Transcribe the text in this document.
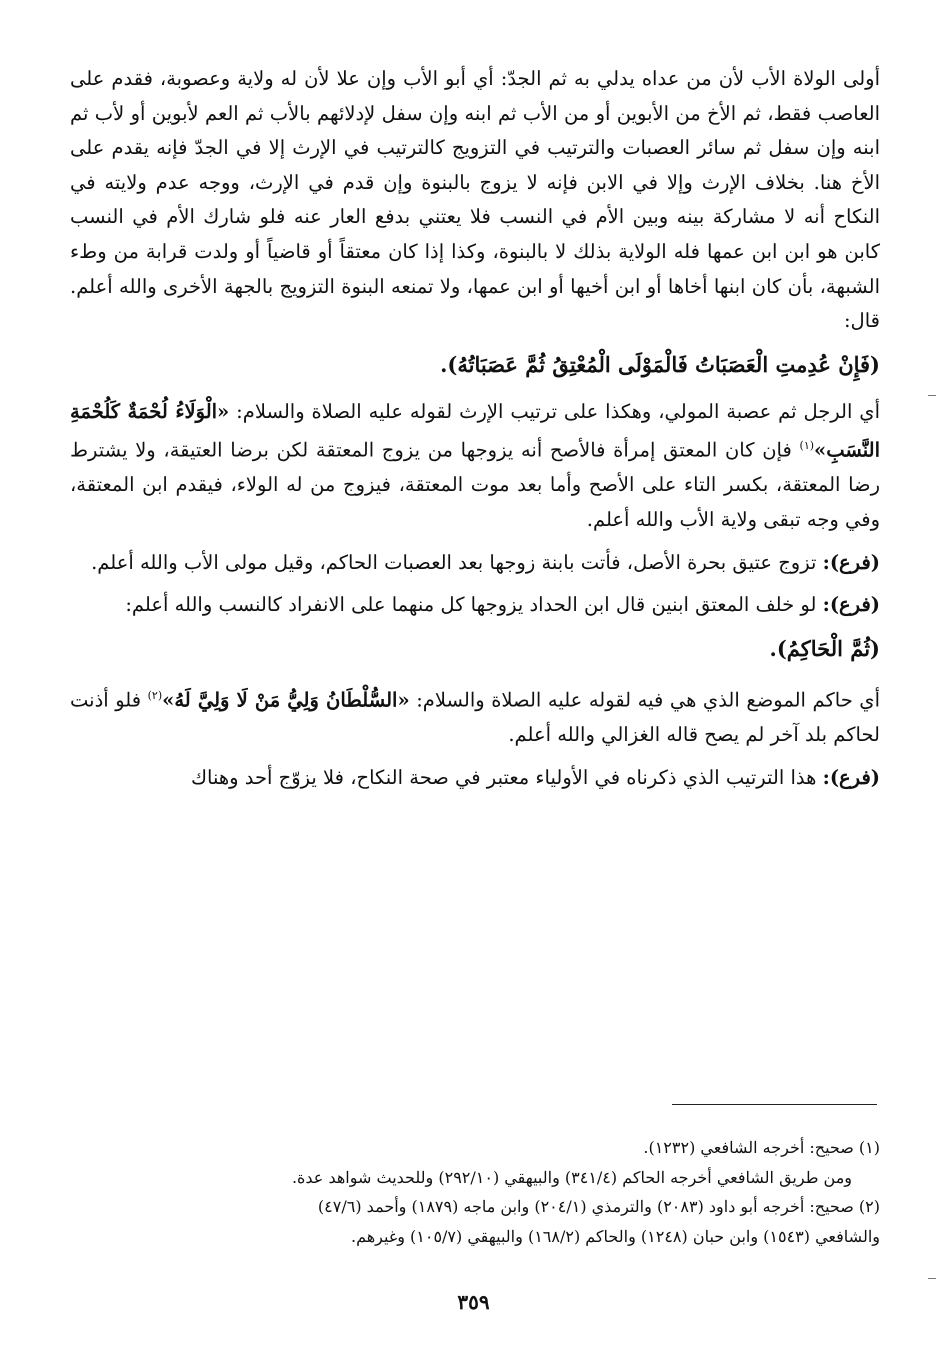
أولى الولاة الأب لأن من عداه يدلي به ثم الجدّ: أي أبو الأب وإن علا لأن له ولاية وعصوبة، فقدم على العاصب فقط، ثم الأخ من الأبوين أو من الأب ثم ابنه وإن سفل لإدلائهم بالأب ثم العم لأبوين أو لأب ثم ابنه وإن سفل ثم سائر العصبات والترتيب في التزويج كالترتيب في الإرث إلا في الجدّ فإنه يقدم على الأخ هنا. بخلاف الإرث وإلا في الابن فإنه لا يزوج بالبنوة وإن قدم في الإرث، ووجه عدم ولايته في النكاح أنه لا مشاركة بينه وبين الأم في النسب فلا يعتني بدفع العار عنه فلو شارك الأم في النسب كابن هو ابن ابن عمها فله الولاية بذلك لا بالبنوة، وكذا إذا كان معتقاً أو قاضياً أو ولدت قرابة من وطء الشبهة، بأن كان ابنها أخاها أو ابن أخيها أو ابن عمها، ولا تمنعه البنوة التزويج بالجهة الأخرى والله أعلم. قال:

(فَإِنْ عُدِمتِ الْعَصَبَاتُ فَالْمَوْلَى الْمُعْتِقُ ثُمَّ عَصَبَاتُهُ).

أي الرجل ثم عصبة المولي، وهكذا على ترتيب الإرث لقوله عليه الصلاة والسلام: «الْوَلَاءُ لُحْمَةٌ كَلُحْمَةِ النَّسَبِ»$^{(١)}$ فإن كان المعتق إمرأة فالأصح أنه يزوجها من يزوج المعتقة لكن برضا العتيقة، ولا يشترط رضا المعتقة، بكسر التاء على الأصح وأما بعد موت المعتقة، فيزوج من له الولاء، فيقدم ابن المعتقة، وفي وجه تبقى ولاية الأب والله أعلم.

(فرع): تزوج عتيق بحرة الأصل، فأتت بابنة زوجها بعد العصبات الحاكم، وقيل مولى الأب والله أعلم.

(فرع): لو خلف المعتق ابنين قال ابن الحداد يزوجها كل منهما على الانفراد كالنسب والله أعلم:

(ثُمَّ الْحَاكِمُ).

أي حاكم الموضع الذي هي فيه لقوله عليه الصلاة والسلام: «السُّلْطَانُ وَلِيُّ مَنْ لَا وَلِيَّ لَهُ»$^{(٢)}$ فلو أذنت لحاكم بلد آخر لم يصح قاله الغزالي والله أعلم.

(فرع): هذا الترتيب الذي ذكرناه في الأولياء معتبر في صحة النكاح، فلا يزوّج أحد وهناك

(١) صحيح: أخرجه الشافعي (١٢٣٢).

ومن طريق الشافعي أخرجه الحاكم (٣٤١/٤) والبيهقي (٢٩٢/١٠) وللحديث شواهد عدة.

(٢) صحيح: أخرجه أبو داود (٢٠٨٣) والترمذي (٢٠٤/١) وابن ماجه (١٨٧٩) وأحمد (٤٧/٦)

والشافعي (١٥٤٣) وابن حبان (١٢٤٨) والحاكم (١٦٨/٢) والبيهقي (١٠٥/٧) وغيرهم.

٣٥٩
